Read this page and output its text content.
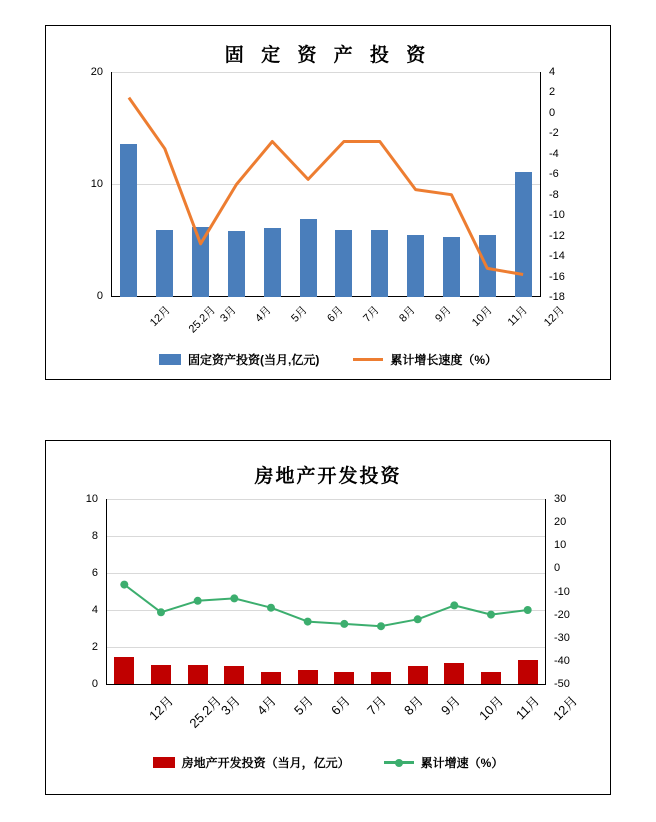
固 定 资 产 投 资
0
10
20	4
2
0
-2
-4
-6
-8
-10
-12
-14
-16
-18
12月 25.2月 3月 4月 5月 6月 7月 8月 9月 10月 11月 12月
固定资产投资(当月,亿元)	累计增长速度（%）
房地产开发投资
0
2
4
6
8
10	30
20
10
0
-10
-20
-30
-40
-50
12月 25.2月
3月 4月 5月 6月 7月 8月 9月 10月 11月 12月
房地产开发投资（当月，亿元）	累计增速（%）
